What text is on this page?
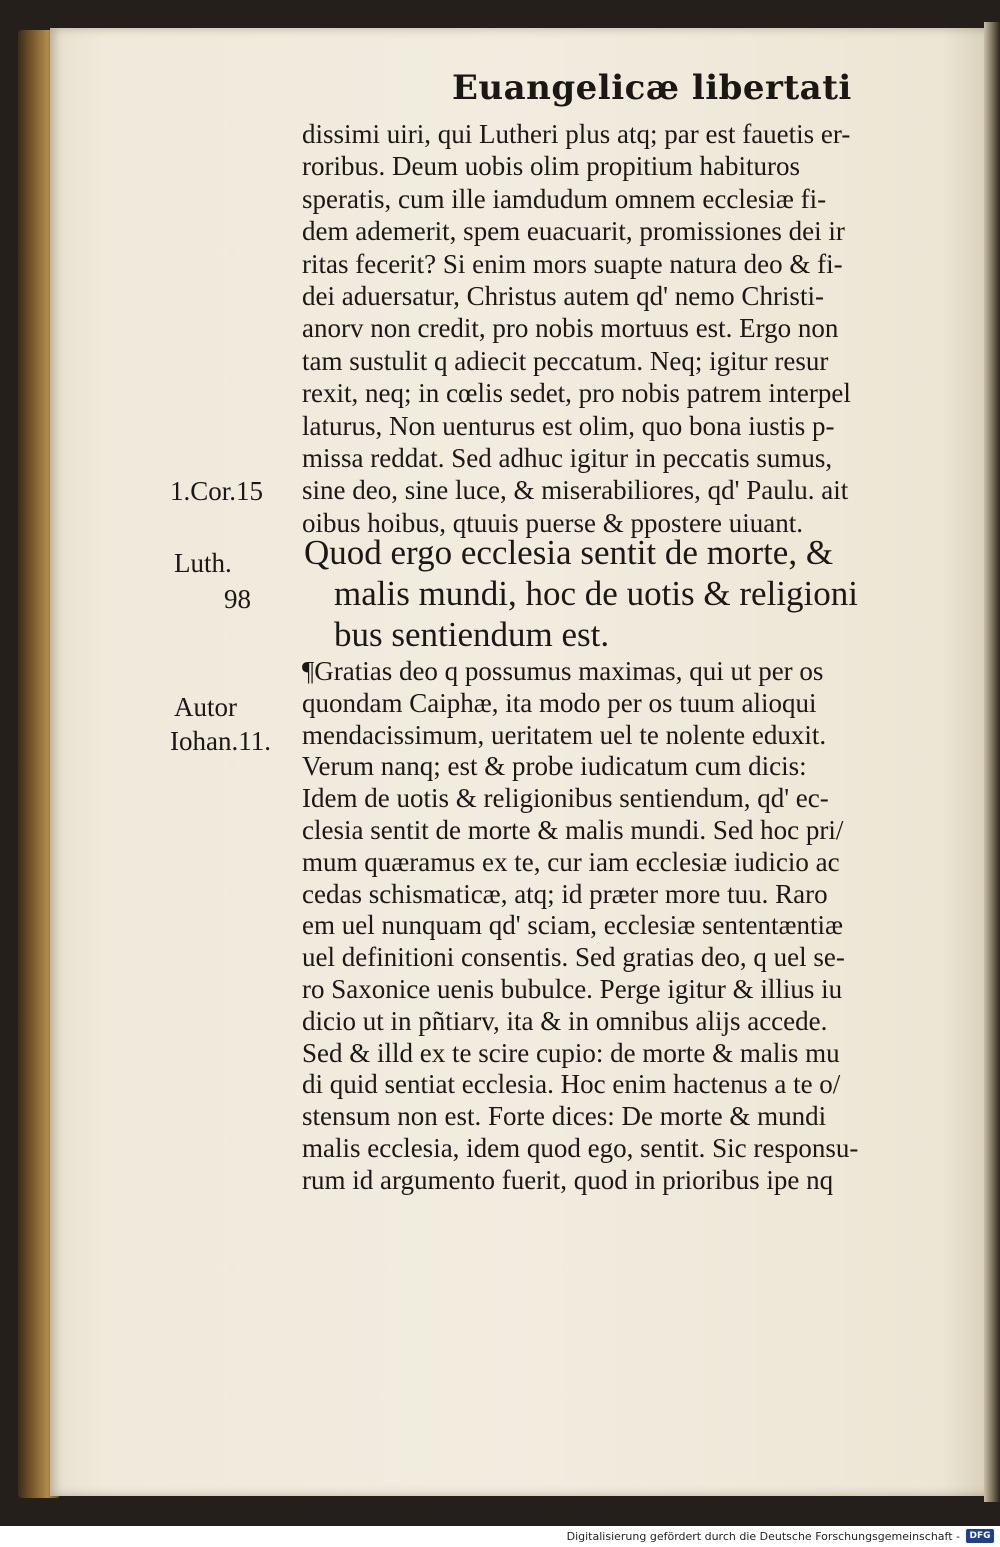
Euangelicæ libertati
dissimi uiri, qui Lutheri plus atq; par est fauetis er-
roribus. Deum uobis olim propitium habituros
speratis, cum ille iamdudum omnem ecclesiæ fi-
dem ademerit, spem euacuarit, promissiones dei ir
ritas fecerit? Si enim mors suapte natura deo & fi-
dei aduersatur, Christus autem qd' nemo Christi-
anorv non credit, pro nobis mortuus est. Ergo non
tam sustulit q adiecit peccatum. Neq; igitur resur
rexit, neq; in cœlis sedet, pro nobis patrem interpel
laturus, Non uenturus est olim, quo bona iustis p-
missa reddat. Sed adhuc igitur in peccatis sumus,
sine deo, sine luce, & miserabiliores, qd' Paulu. ait
oibus hoibus, qtuuis puerse & ppostere uiuant.
Quod ergo ecclesia sentit de morte, &
malis mundi, hoc de uotis & religioni
bus sentiendum est.
¶Gratias deo q possumus maximas, qui ut per os
quondam Caiphæ, ita modo per os tuum alioqui
mendacissimum, ueritatem uel te nolente eduxit.
Verum nanq; est & probe iudicatum cum dicis:
Idem de uotis & religionibus sentiendum, qd' ec-
clesia sentit de morte & malis mundi. Sed hoc pri/
mum quæramus ex te, cur iam ecclesiæ iudicio ac
cedas schismaticæ, atq; id præter more tuu. Raro
em uel nunquam qd' sciam, ecclesiæ sententæntiæ
uel definitioni consentis. Sed gratias deo, q uel se-
ro Saxonice uenis bubulce. Perge igitur & illius iu
dicio ut in pñtiarv, ita & in omnibus alijs accede.
Sed & illd ex te scire cupio: de morte & malis mu
di quid sentiat ecclesia. Hoc enim hactenus a te o/
stensum non est. Forte dices: De morte & mundi
malis ecclesia, idem quod ego, sentit. Sic responsu-
rum id argumento fuerit, quod in prioribus ipe nq
1.Cor.15
Luth.
98
Autor
Iohan.11.
Digitalisierung gefördert durch die Deutsche Forschungsgemeinschaft -	DFG
